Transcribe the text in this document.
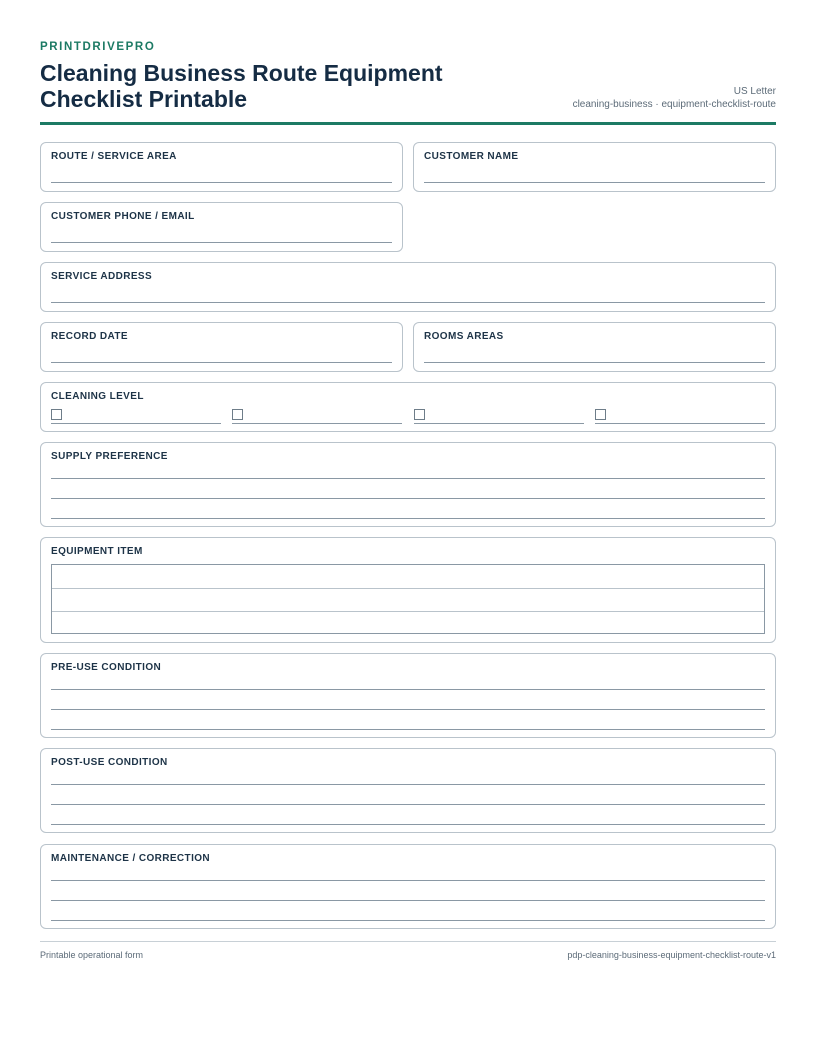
PRINTDRIVEPRO
Cleaning Business Route Equipment Checklist Printable	US Letter
cleaning-business · equipment-checklist-route
ROUTE / SERVICE AREA	CUSTOMER NAME
CUSTOMER PHONE / EMAIL
SERVICE ADDRESS
RECORD DATE	ROOMS AREAS
CLEANING LEVEL
SUPPLY PREFERENCE
EQUIPMENT ITEM
PRE-USE CONDITION
POST-USE CONDITION
MAINTENANCE / CORRECTION
Printable operational form	pdp-cleaning-business-equipment-checklist-route-v1
